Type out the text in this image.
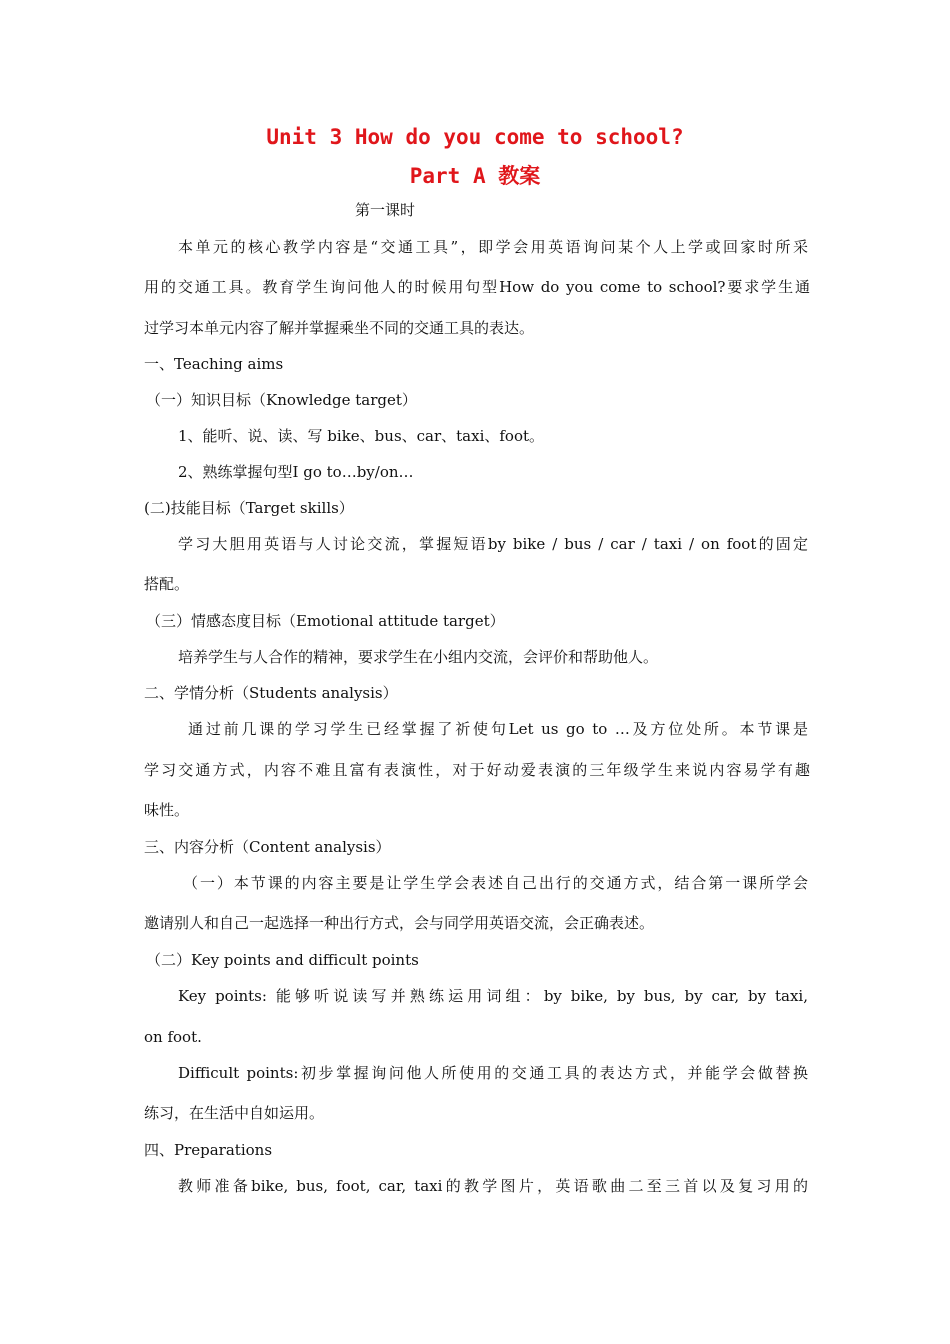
Unit 3 How do you come to school?
Part A 教案
第一课时
本单元的核心教学内容是“交通工具”，即学会用英语询问某个人上学或回家时所采
用的交通工具。教育学生询问他人的时候用句型How do you come to school?要求学生通
过学习本单元内容了解并掌握乘坐不同的交通工具的表达。
一、Teaching aims
（一）知识目标（Knowledge target）
1、能听、说、读、写 bike、bus、car、taxi、foot。
2、熟练掌握句型I go to…by/on…
(二)技能目标（Target skills）
学习大胆用英语与人讨论交流，掌握短语by bike / bus / car / taxi / on foot的固定
搭配。
（三）情感态度目标（Emotional attitude target）
培养学生与人合作的精神，要求学生在小组内交流，会评价和帮助他人。
二、学情分析（Students analysis）
通过前几课的学习学生已经掌握了祈使句Let us go to …及方位处所。本节课是
学习交通方式，内容不难且富有表演性，对于好动爱表演的三年级学生来说内容易学有趣
味性。
三、内容分析（Content analysis）
（一）本节课的内容主要是让学生学会表述自己出行的交通方式，结合第一课所学会
邀请别人和自己一起选择一种出行方式，会与同学用英语交流，会正确表述。
（二）Key points and difficult points
Key points: 能够听说读写并熟练运用词组：by bike, by bus, by car, by taxi,
on foot.
Difficult points:初步掌握询问他人所使用的交通工具的表达方式，并能学会做替换
练习，在生活中自如运用。
四、Preparations
教师准备bike, bus, foot, car, taxi的教学图片，英语歌曲二至三首以及复习用的
